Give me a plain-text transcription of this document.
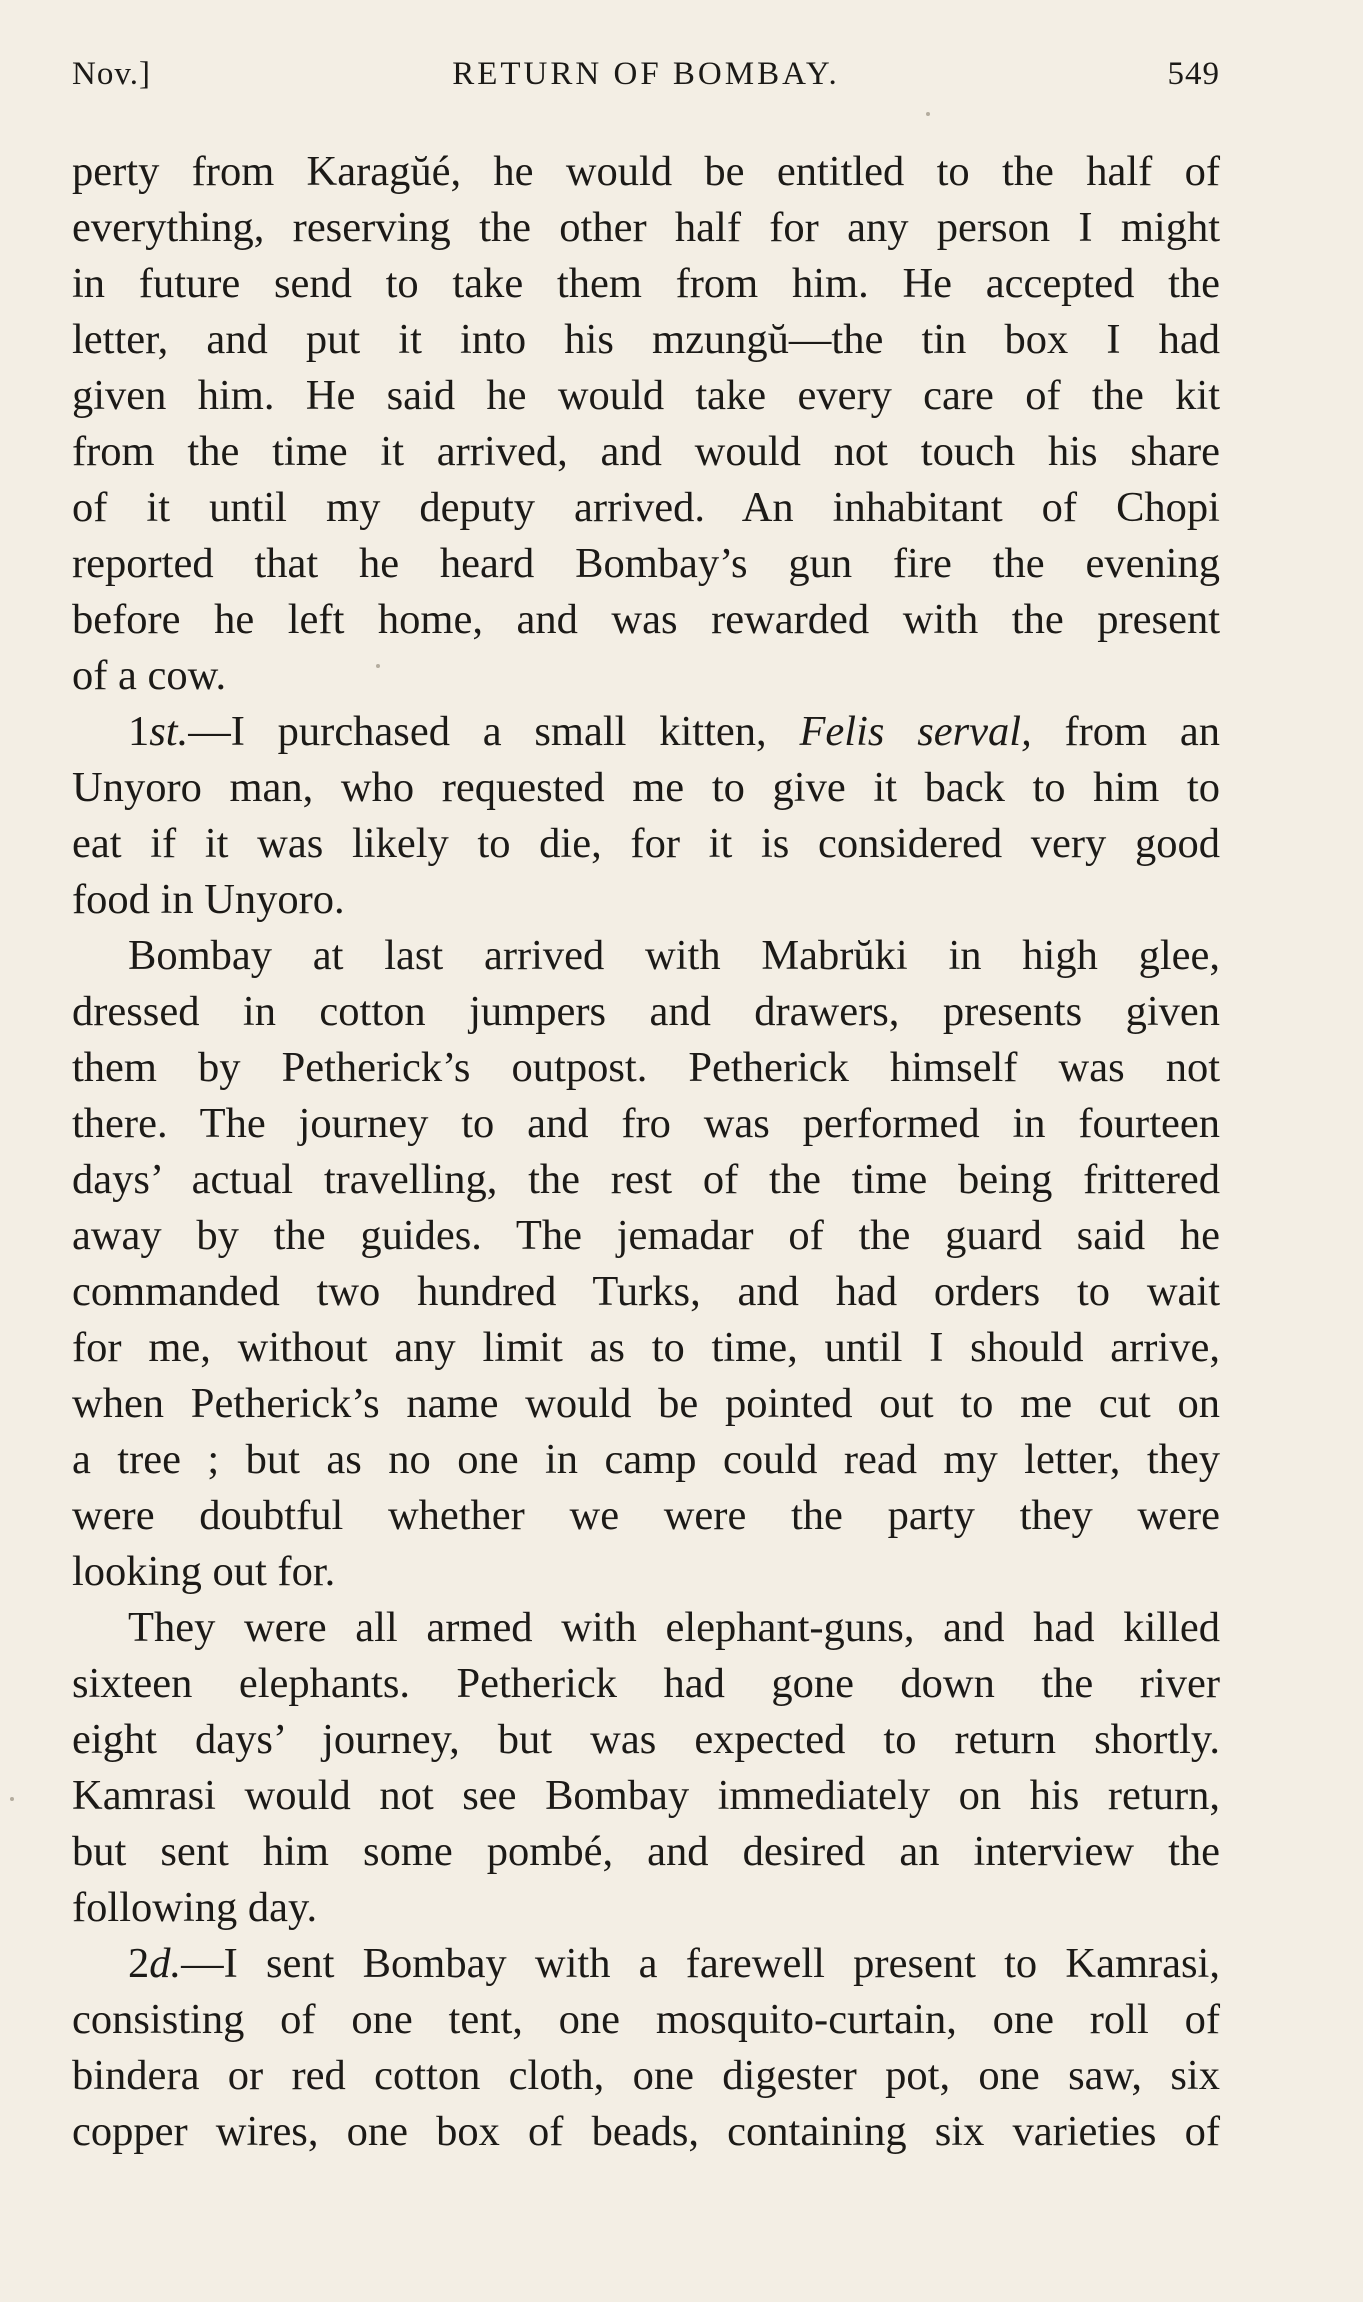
Nov.]	RETURN OF BOMBAY.	549
perty from Karagŭé, he would be entitled to the half of
everything, reserving the other half for any person I might
in future send to take them from him. He accepted the
letter, and put it into his mzungŭ—the tin box I had
given him. He said he would take every care of the kit
from the time it arrived, and would not touch his share
of it until my deputy arrived. An inhabitant of Chopi
reported that he heard Bombay’s gun fire the evening
before he left home, and was rewarded with the present
of a cow.
1st.—I purchased a small kitten, Felis serval, from an
Unyoro man, who requested me to give it back to him to
eat if it was likely to die, for it is considered very good
food in Unyoro.
Bombay at last arrived with Mabrŭki in high glee,
dressed in cotton jumpers and drawers, presents given
them by Petherick’s outpost. Petherick himself was not
there. The journey to and fro was performed in fourteen
days’ actual travelling, the rest of the time being frittered
away by the guides. The jemadar of the guard said he
commanded two hundred Turks, and had orders to wait
for me, without any limit as to time, until I should arrive,
when Petherick’s name would be pointed out to me cut on
a tree ; but as no one in camp could read my letter, they
were doubtful whether we were the party they were
looking out for.
They were all armed with elephant-guns, and had killed
sixteen elephants. Petherick had gone down the river
eight days’ journey, but was expected to return shortly.
Kamrasi would not see Bombay immediately on his return,
but sent him some pombé, and desired an interview the
following day.
2d.—I sent Bombay with a farewell present to Kamrasi,
consisting of one tent, one mosquito-curtain, one roll of
bindera or red cotton cloth, one digester pot, one saw, six
copper wires, one box of beads, containing six varieties of
